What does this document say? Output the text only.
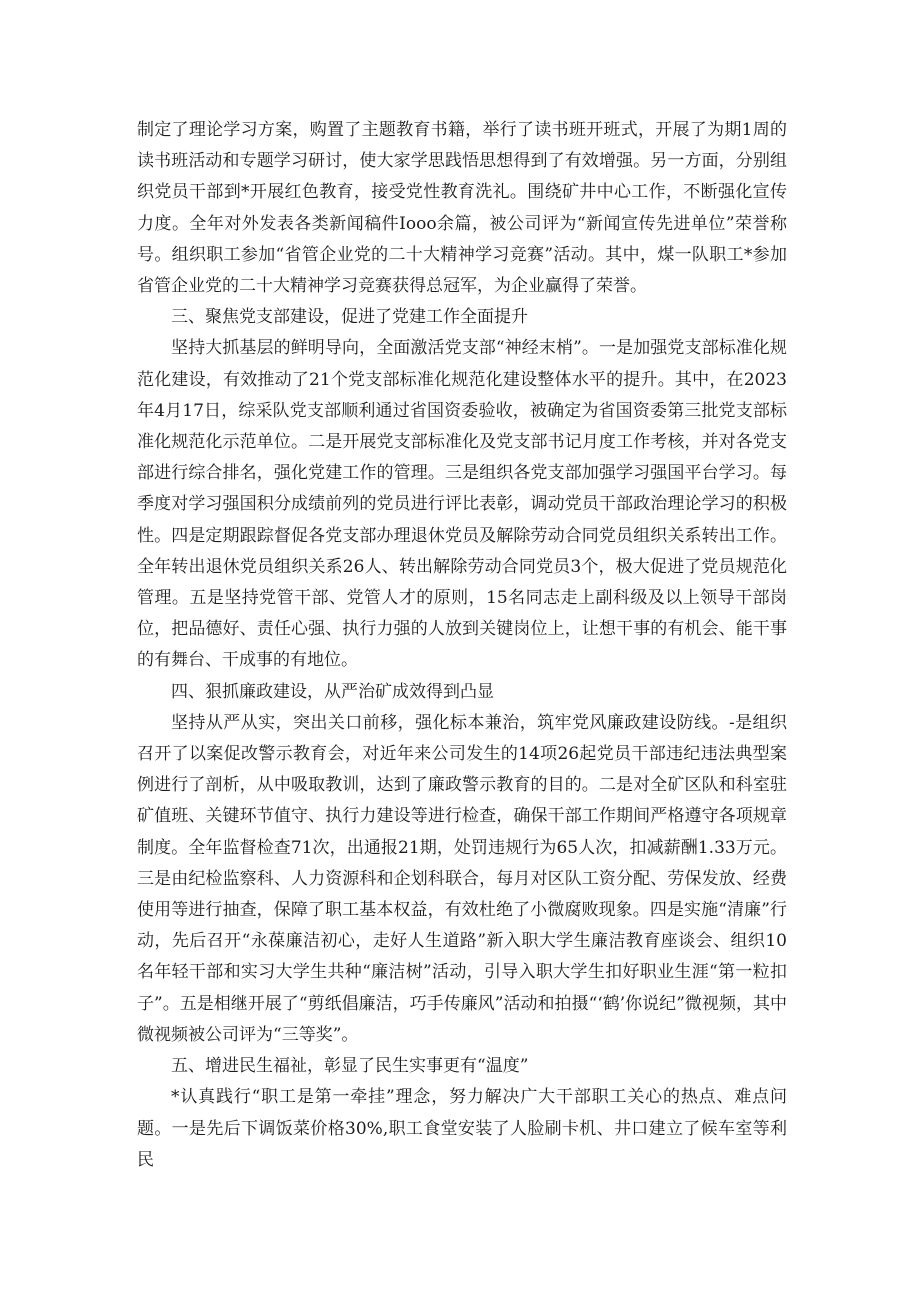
制定了理论学习方案，购置了主题教育书籍，举行了读书班开班式，开展了为期1周的读书班活动和专题学习研讨，使大家学思践悟思想得到了有效增强。另一方面，分别组织党员干部到*开展红色教育，接受党性教育洗礼。围绕矿井中心工作，不断强化宣传力度。全年对外发表各类新闻稿件Iooo余篇，被公司评为“新闻宣传先进单位”荣誉称号。组织职工参加“省管企业党的二十大精神学习竞赛”活动。其中，煤一队职工*参加省管企业党的二十大精神学习竞赛获得总冠军，为企业赢得了荣誉。

三、聚焦党支部建设，促进了党建工作全面提升

坚持大抓基层的鲜明导向，全面激活党支部“神经末梢”。一是加强党支部标准化规范化建设，有效推动了21个党支部标准化规范化建设整体水平的提升。其中，在2023年4月17日，综采队党支部顺利通过省国资委验收，被确定为省国资委第三批党支部标准化规范化示范单位。二是开展党支部标准化及党支部书记月度工作考核，并对各党支部进行综合排名，强化党建工作的管理。三是组织各党支部加强学习强国平台学习。每季度对学习强国积分成绩前列的党员进行评比表彰，调动党员干部政治理论学习的积极性。四是定期跟踪督促各党支部办理退休党员及解除劳动合同党员组织关系转出工作。全年转出退休党员组织关系26人、转出解除劳动合同党员3个，极大促进了党员规范化管理。五是坚持党管干部、党管人才的原则，15名同志走上副科级及以上领导干部岗位，把品德好、责任心强、执行力强的人放到关键岗位上，让想干事的有机会、能干事的有舞台、干成事的有地位。

四、狠抓廉政建设，从严治矿成效得到凸显

坚持从严从实，突出关口前移，强化标本兼治，筑牢党风廉政建设防线。-是组织召开了以案促改警示教育会，对近年来公司发生的14项26起党员干部违纪违法典型案例进行了剖析，从中吸取教训，达到了廉政警示教育的目的。二是对全矿区队和科室驻矿值班、关键环节值守、执行力建设等进行检查，确保干部工作期间严格遵守各项规章制度。全年监督检查71次，出通报21期，处罚违规行为65人次，扣减薪酬1.33万元。三是由纪检监察科、人力资源科和企划科联合，每月对区队工资分配、劳保发放、经费使用等进行抽查，保障了职工基本权益，有效杜绝了小微腐败现象。四是实施“清廉”行动，先后召开“永葆廉洁初心，走好人生道路”新入职大学生廉洁教育座谈会、组织10名年轻干部和实习大学生共种“廉洁树”活动，引导入职大学生扣好职业生涯“第一粒扣子”。五是相继开展了“剪纸倡廉洁，巧手传廉风”活动和拍摄“‘鹤’你说纪”微视频，其中微视频被公司评为“三等奖”。

五、增进民生福祉，彰显了民生实事更有“温度”

*认真践行“职工是第一牵挂”理念，努力解决广大干部职工关心的热点、难点问题。一是先后下调饭菜价格30%,职工食堂安装了人脸刷卡机、井口建立了候车室等利民
